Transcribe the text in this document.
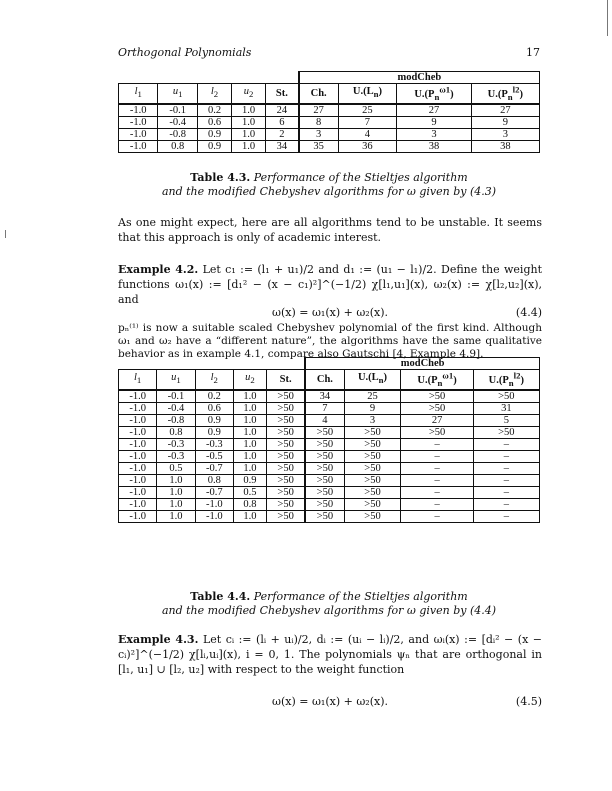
Orthogonal Polynomials	17
					modCheb			
$l_1$	$u_1$	$l_2$	$u_2$	St.	Ch.	$U.(L_n)$	$U.(P_n^{\omega 1})$	$U.(P_n^{l2})$
-1.0	-0.1	0.2	1.0	24	27	25	27	27
-1.0	-0.4	0.6	1.0	6	8	7	9	9
-1.0	-0.8	0.9	1.0	2	3	4	3	3
-1.0	0.8	0.9	1.0	34	35	36	38	38
Table 4.3. Performance of the Stieltjes algorithm
and the modified Chebyshev algorithms for ω given by (4.3)
As one might expect, here are all algorithms tend to be unstable. It seems that this approach is only of academic interest.
Example 4.2. Let c₁ := (l₁ + u₁)/2 and d₁ := (u₁ − l₁)/2. Define the weight functions ω₁(x) := [d₁² − (x − c₁)²]^(−1/2) χ[l₁,u₁](x), ω₂(x) := χ[l₂,u₂](x), and
ω(x) = ω₁(x) + ω₂(x).	(4.4)
pₙ⁽¹⁾ is now a suitable scaled Chebyshev polynomial of the first kind. Although ω₁ and ω₂ have a “different nature”, the algorithms have the same qualitative behavior as in example 4.1, compare also Gautschi [4, Example 4.9].
					modCheb			
$l_1$	$u_1$	$l_2$	$u_2$	St.	Ch.	$U.(L_n)$	$U.(P_n^{\omega 1})$	$U.(P_n^{l2})$
-1.0	-0.1	0.2	1.0	>50	34	25	>50	>50
-1.0	-0.4	0.6	1.0	>50	7	9	>50	31
-1.0	-0.8	0.9	1.0	>50	4	3	27	5
-1.0	0.8	0.9	1.0	>50	>50	>50	>50	>50
-1.0	-0.3	-0.3	1.0	>50	>50	>50	–	–
-1.0	-0.3	-0.5	1.0	>50	>50	>50	–	–
-1.0	0.5	-0.7	1.0	>50	>50	>50	–	–
-1.0	1.0	0.8	0.9	>50	>50	>50	–	–
-1.0	1.0	-0.7	0.5	>50	>50	>50	–	–
-1.0	1.0	-1.0	0.8	>50	>50	>50	–	–
-1.0	1.0	-1.0	1.0	>50	>50	>50	–	–
Table 4.4. Performance of the Stieltjes algorithm
and the modified Chebyshev algorithms for ω given by (4.4)
Example 4.3. Let cᵢ := (lᵢ + uᵢ)/2, dᵢ := (uᵢ − lᵢ)/2, and ωᵢ(x) := [dᵢ² − (x − cᵢ)²]^(−1/2) χ[lᵢ,uᵢ](x), i = 0, 1. The polynomials ψₙ that are orthogonal in [l₁, u₁] ∪ [l₂, u₂] with respect to the weight function
ω(x) = ω₁(x) + ω₂(x).	(4.5)
